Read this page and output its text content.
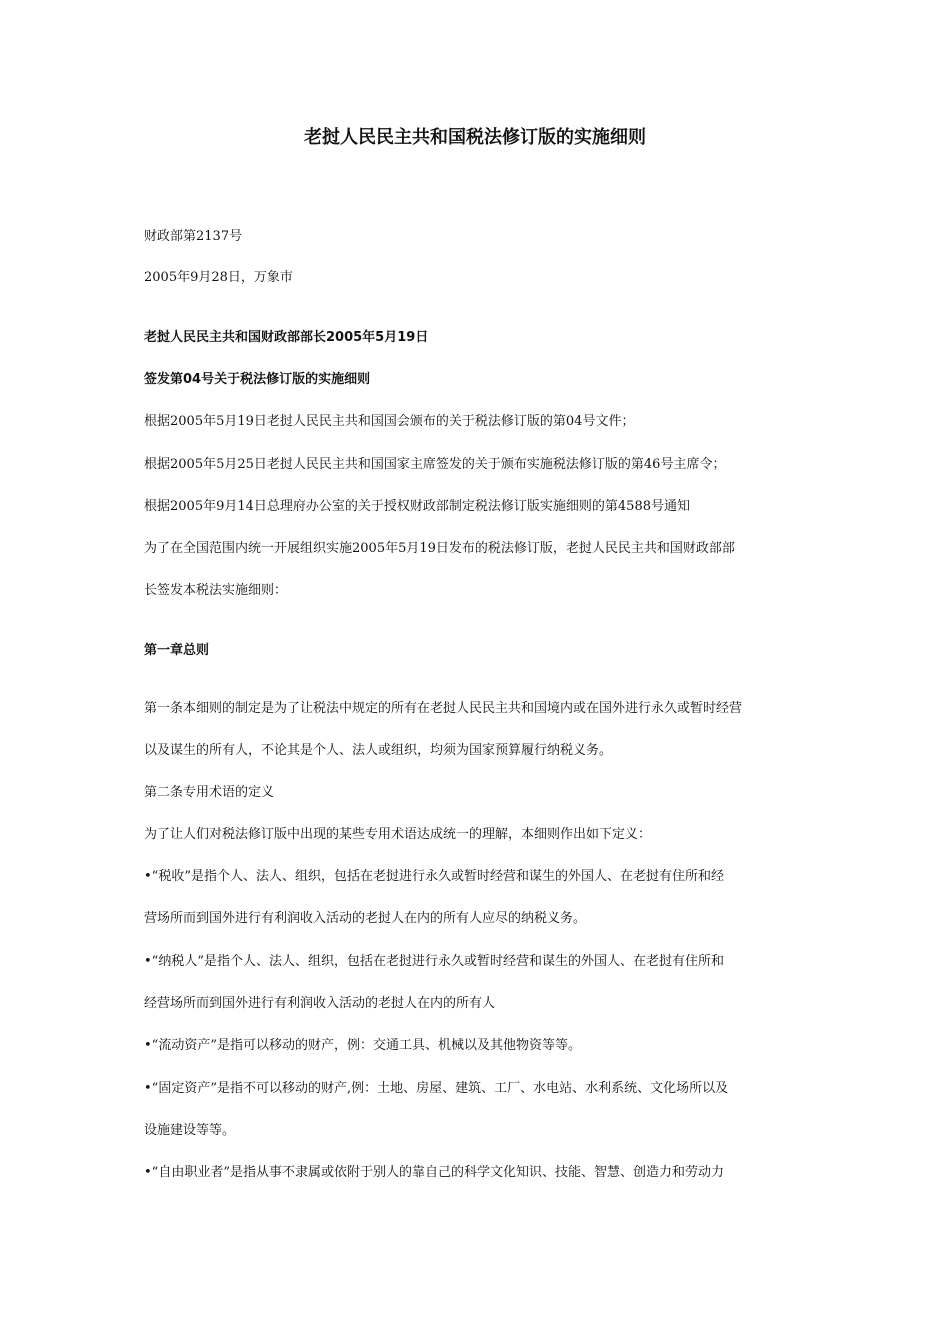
老挝人民民主共和国税法修订版的实施细则
财政部第2137号
2005年9月28日，万象市
老挝人民民主共和国财政部部长2005年5月19日
签发第04号关于税法修订版的实施细则
根据2005年5月19日老挝人民民主共和国国会颁布的关于税法修订版的第04号文件；
根据2005年5月25日老挝人民民主共和国国家主席签发的关于颁布实施税法修订版的第46号主席令；
根据2005年9月14日总理府办公室的关于授权财政部制定税法修订版实施细则的第4588号通知
为了在全国范围内统一开展组织实施2005年5月19日发布的税法修订版，老挝人民民主共和国财政部部
长签发本税法实施细则：
第一章总则
第一条本细则的制定是为了让税法中规定的所有在老挝人民民主共和国境内或在国外进行永久或暂时经营
以及谋生的所有人，不论其是个人、法人或组织，均须为国家预算履行纳税义务。
第二条专用术语的定义
为了让人们对税法修订版中出现的某些专用术语达成统一的理解，本细则作出如下定义：
•“税收”是指个人、法人、组织，包括在老挝进行永久或暂时经营和谋生的外国人、在老挝有住所和经
营场所而到国外进行有利润收入活动的老挝人在内的所有人应尽的纳税义务。
•“纳税人”是指个人、法人、组织，包括在老挝进行永久或暂时经营和谋生的外国人、在老挝有住所和
经营场所而到国外进行有利润收入活动的老挝人在内的所有人
•“流动资产”是指可以移动的财产，例：交通工具、机械以及其他物资等等。
•“固定资产”是指不可以移动的财产,例：土地、房屋、建筑、工厂、水电站、水利系统、文化场所以及
设施建设等等。
•“自由职业者”是指从事不隶属或依附于别人的靠自己的科学文化知识、技能、智慧、创造力和劳动力
